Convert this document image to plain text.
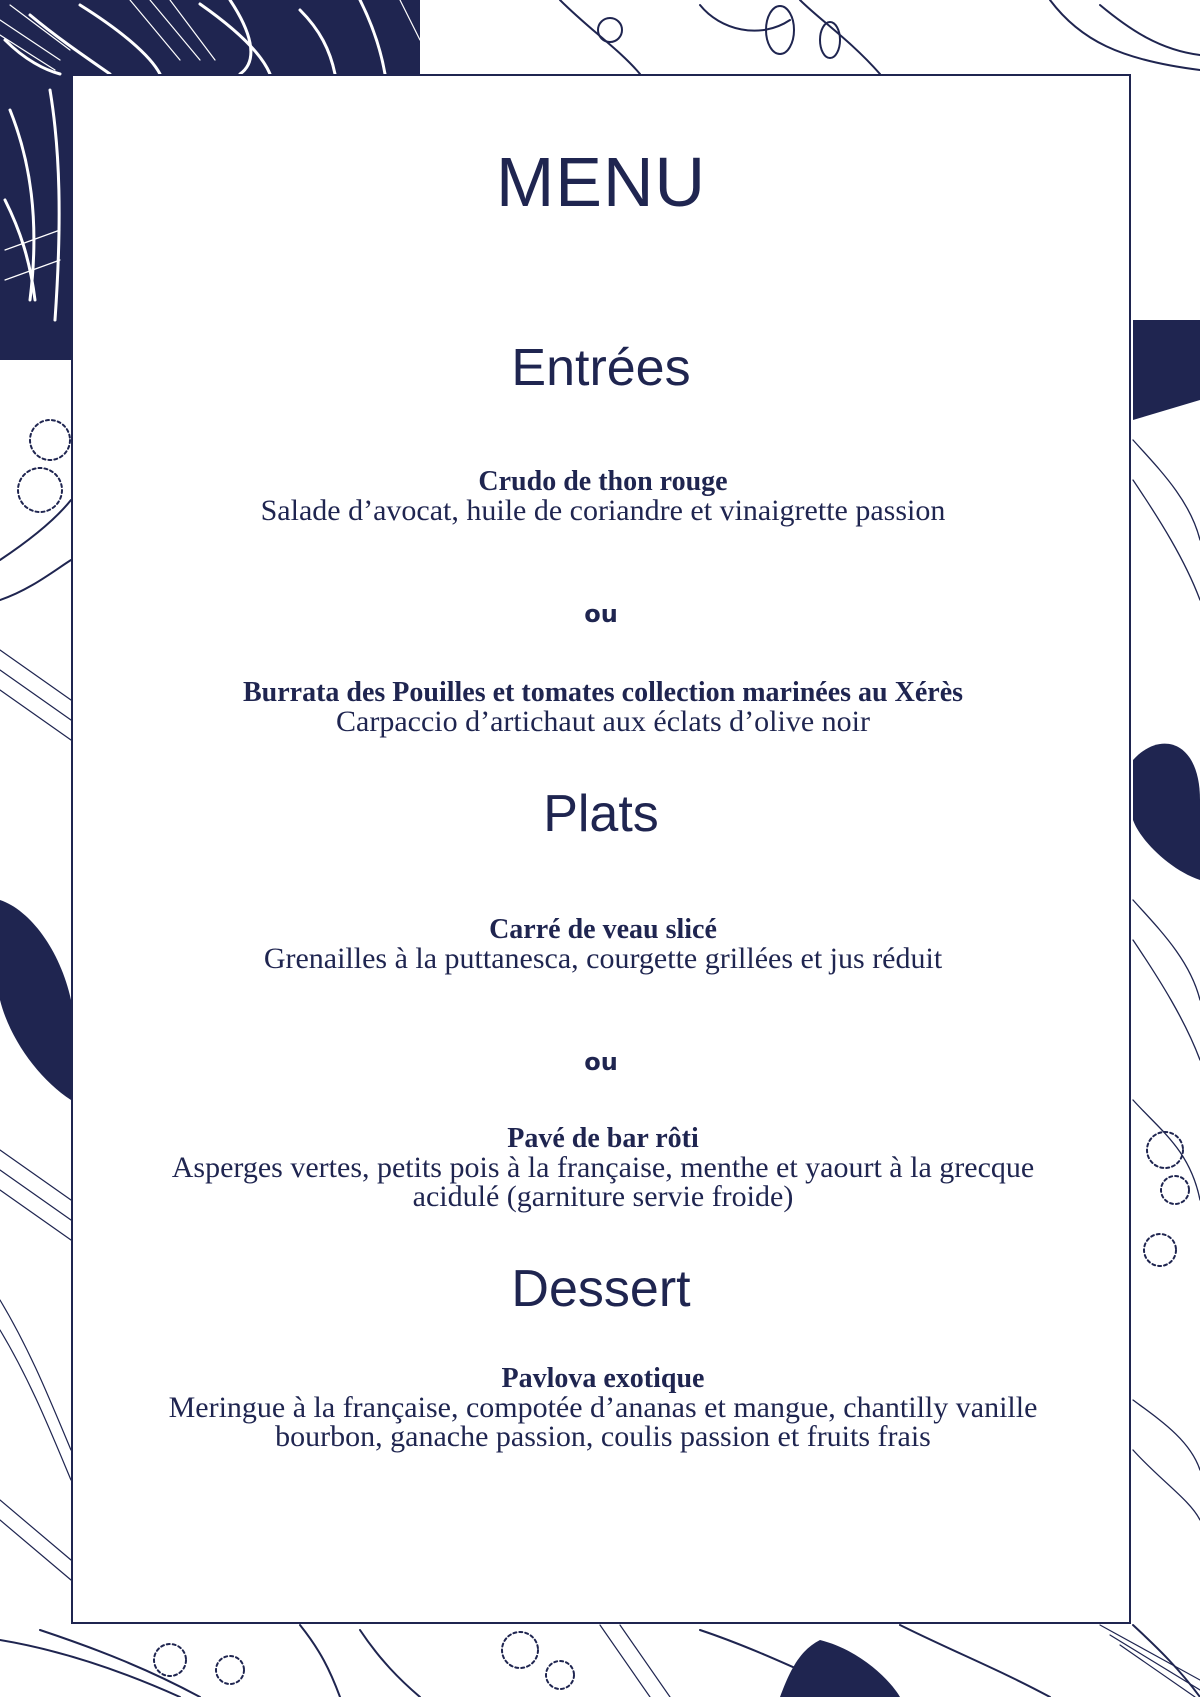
MENU
Entrées
Crudo de thon rouge
Salade d’avocat, huile de coriandre et vinaigrette passion
ou
Burrata des Pouilles et tomates collection marinées au Xérès
Carpaccio d’artichaut aux éclats d’olive noir
Plats
Carré de veau slicé
Grenailles à la puttanesca, courgette grillées et jus réduit
ou
Pavé de bar rôti
Asperges vertes, petits pois à la française, menthe et yaourt à la grecque acidulé (garniture servie froide)
Dessert
Pavlova exotique
Meringue à la française, compotée d’ananas et mangue, chantilly vanille bourbon, ganache passion, coulis passion et fruits frais
